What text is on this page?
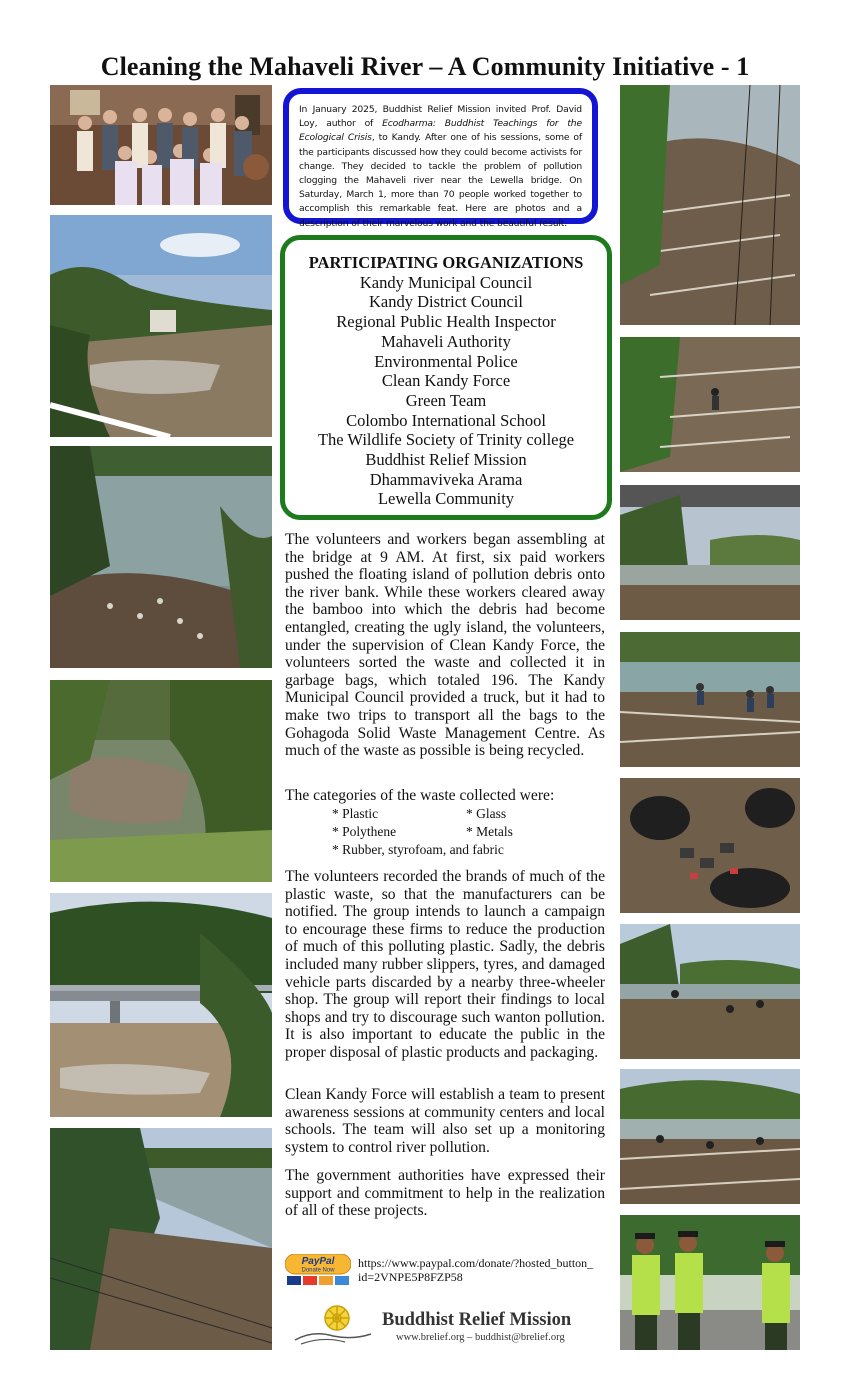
Cleaning the Mahaveli River – A Community Initiative - 1
In January 2025, Buddhist Relief Mission invited Prof. David Loy, author of Ecodharma: Buddhist Teachings for the Ecological Crisis, to Kandy. After one of his sessions, some of the participants discussed how they could become activists for change. They decided to tackle the problem of pollution clogging the Mahaveli river near the Lewella bridge. On Saturday, March 1, more than 70 people worked together to accomplish this remarkable feat. Here are photos and a description of their marvelous work and the beautiful result.
PARTICIPATING ORGANIZATIONS
Kandy Municipal Council
Kandy District Council
Regional Public Health Inspector
Mahaveli Authority
Environmental Police
Clean Kandy Force
Green Team
Colombo International School
The Wildlife Society of Trinity college
Buddhist Relief Mission
Dhammaviveka Arama
Lewella Community
The volunteers and workers began assembling at the bridge at 9 AM. At first, six paid workers pushed the floating island of pollution debris onto the river bank. While these workers cleared away the bamboo into which the debris had become entangled, creating the ugly island, the volunteers, under the supervision of Clean Kandy Force, the volunteers sorted the waste and collected it in garbage bags, which totaled 196. The Kandy Municipal Council provided a truck, but it had to make two trips to transport all the bags to the Gohagoda Solid Waste Management Centre. As much of the waste as possible is being recycled.
The categories of the waste collected were:
* Plastic	* Glass
* Polythene	* Metals
* Rubber, styrofoam, and fabric
The volunteers recorded the brands of much of the plastic waste, so that the manufacturers can be notified. The group intends to launch a campaign to encourage these firms to reduce the production of much of this polluting plastic. Sadly, the debris included many rubber slippers, tyres, and damaged vehicle parts discarded by a nearby three-wheeler shop. The group will report their findings to local shops and try to discourage such wanton pollution. It is also important to educate the public in the proper disposal of plastic products and packaging.
Clean Kandy Force will establish a team to present awareness sessions at community centers and local schools. The team will also set up a monitoring system to control river pollution.
The government authorities have expressed their support and commitment to help in the realization of all of these projects.
PayPal
Donate Now
https://www.paypal.com/donate/?hosted_button_
id=2VNPE5P8FZP58
Buddhist Relief Mission
www.brelief.org – buddhist@brelief.org
